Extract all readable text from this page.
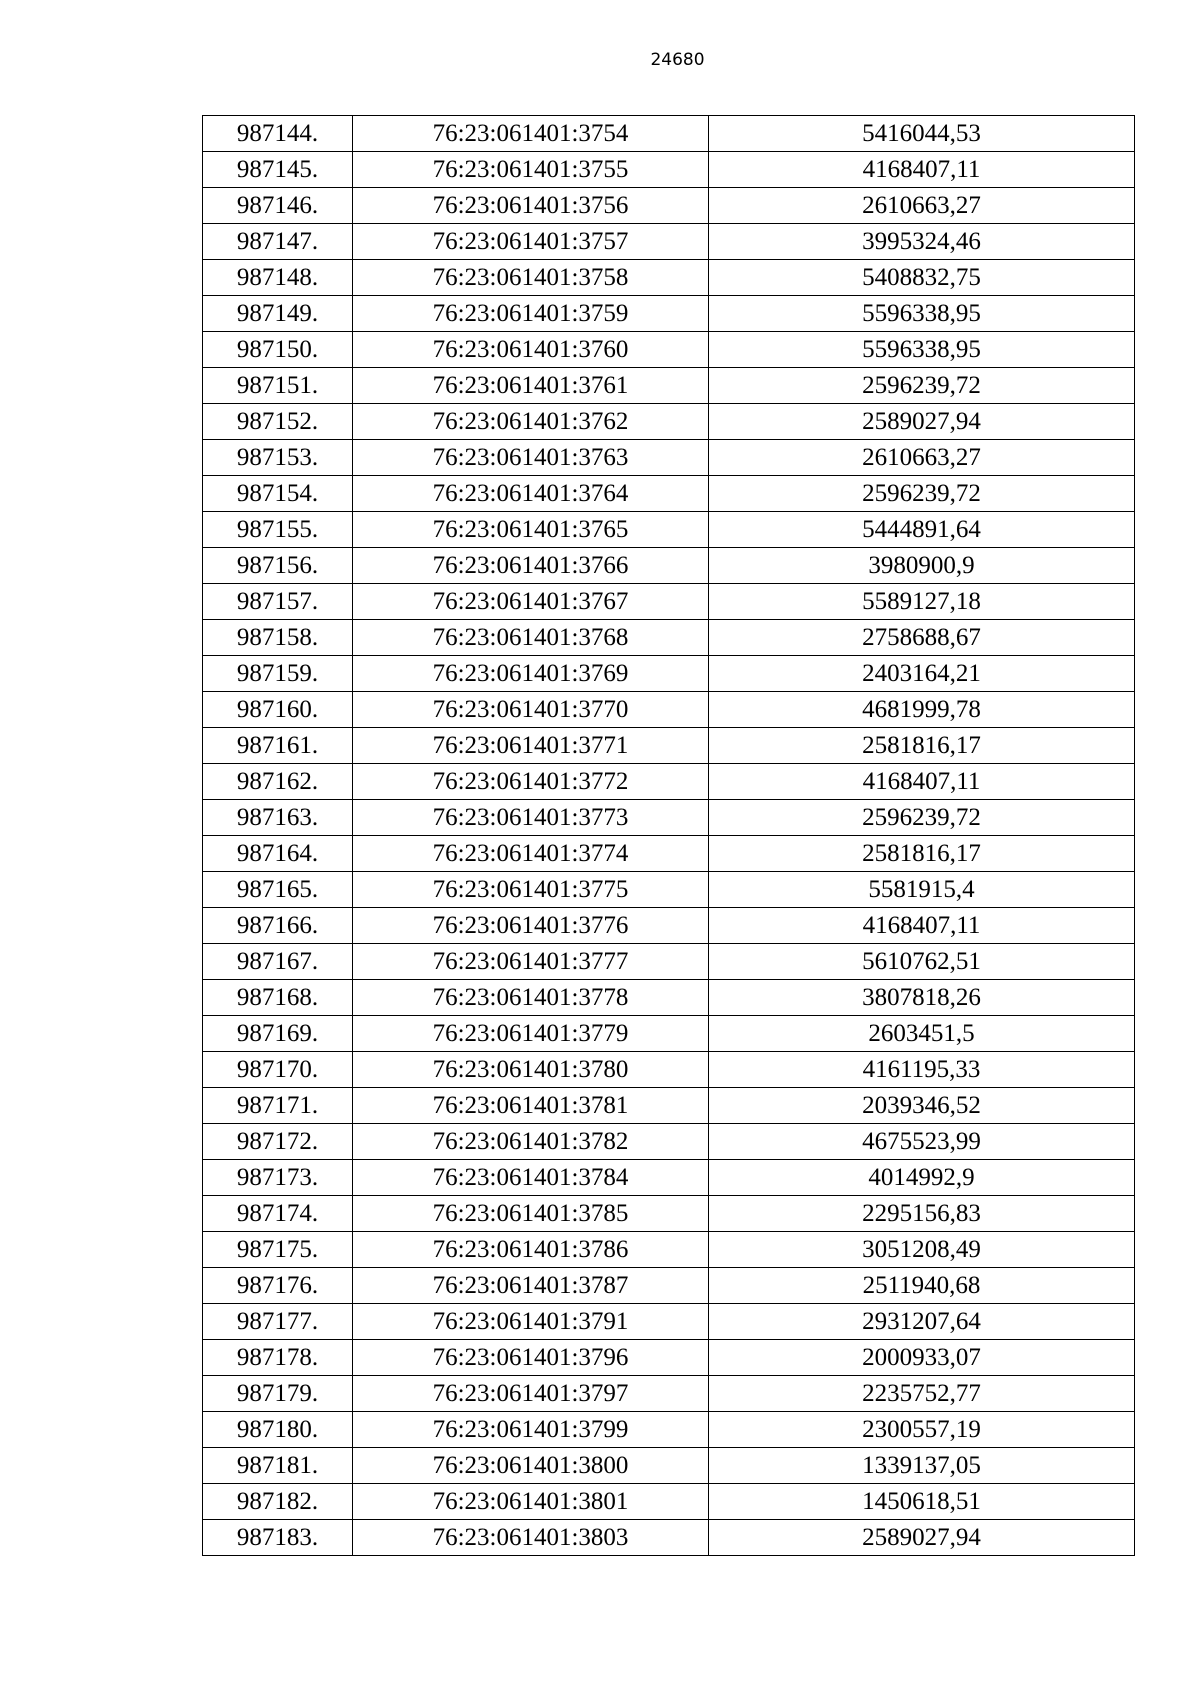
24680
987144.	76:23:061401:3754	5416044,53
987145.	76:23:061401:3755	4168407,11
987146.	76:23:061401:3756	2610663,27
987147.	76:23:061401:3757	3995324,46
987148.	76:23:061401:3758	5408832,75
987149.	76:23:061401:3759	5596338,95
987150.	76:23:061401:3760	5596338,95
987151.	76:23:061401:3761	2596239,72
987152.	76:23:061401:3762	2589027,94
987153.	76:23:061401:3763	2610663,27
987154.	76:23:061401:3764	2596239,72
987155.	76:23:061401:3765	5444891,64
987156.	76:23:061401:3766	3980900,9
987157.	76:23:061401:3767	5589127,18
987158.	76:23:061401:3768	2758688,67
987159.	76:23:061401:3769	2403164,21
987160.	76:23:061401:3770	4681999,78
987161.	76:23:061401:3771	2581816,17
987162.	76:23:061401:3772	4168407,11
987163.	76:23:061401:3773	2596239,72
987164.	76:23:061401:3774	2581816,17
987165.	76:23:061401:3775	5581915,4
987166.	76:23:061401:3776	4168407,11
987167.	76:23:061401:3777	5610762,51
987168.	76:23:061401:3778	3807818,26
987169.	76:23:061401:3779	2603451,5
987170.	76:23:061401:3780	4161195,33
987171.	76:23:061401:3781	2039346,52
987172.	76:23:061401:3782	4675523,99
987173.	76:23:061401:3784	4014992,9
987174.	76:23:061401:3785	2295156,83
987175.	76:23:061401:3786	3051208,49
987176.	76:23:061401:3787	2511940,68
987177.	76:23:061401:3791	2931207,64
987178.	76:23:061401:3796	2000933,07
987179.	76:23:061401:3797	2235752,77
987180.	76:23:061401:3799	2300557,19
987181.	76:23:061401:3800	1339137,05
987182.	76:23:061401:3801	1450618,51
987183.	76:23:061401:3803	2589027,94
